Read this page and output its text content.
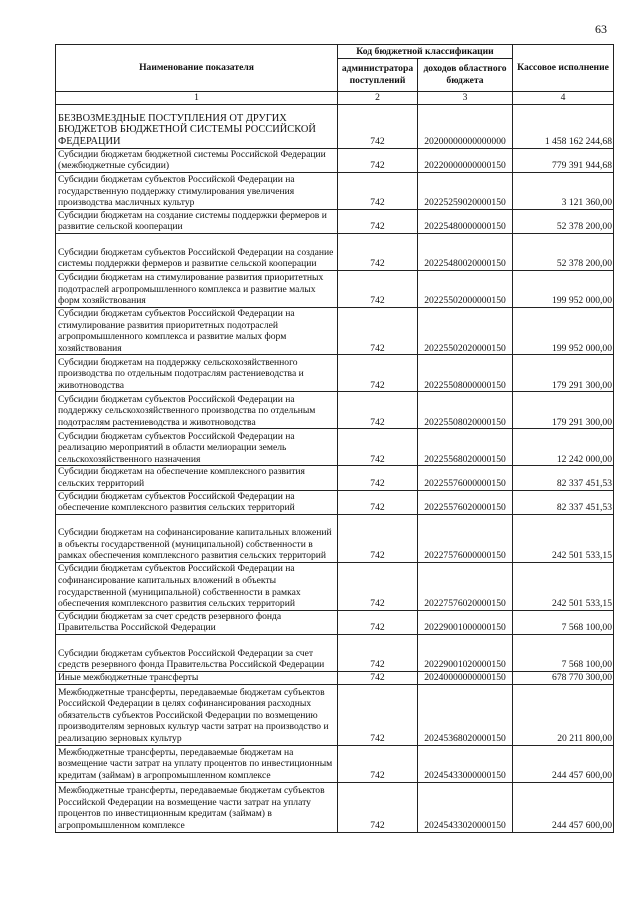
63
Наименование показателя	Код бюджетной классификации		Кассовое исполнение
	администратора поступлений	доходов областного бюджета	
1	2	3	4
БЕЗВОЗМЕЗДНЫЕ ПОСТУПЛЕНИЯ ОТ ДРУГИХ БЮДЖЕТОВ БЮДЖЕТНОЙ СИСТЕМЫ РОССИЙСКОЙ ФЕДЕРАЦИИ	742	20200000000000000	1 458 162 244,68
Субсидии бюджетам бюджетной системы Российской Федерации (межбюджетные субсидии)	742	20220000000000150	779 391 944,68
Субсидии бюджетам субъектов Российской Федерации на государственную поддержку стимулирования увеличения производства масличных культур	742	20225259020000150	3 121 360,00
Субсидии бюджетам на создание системы поддержки фермеров и развитие сельской кооперации	742	20225480000000150	52 378 200,00
Субсидии бюджетам субъектов Российской Федерации на создание системы поддержки фермеров и развитие сельской кооперации	742	20225480020000150	52 378 200,00
Субсидии бюджетам на стимулирование развития приоритетных подотраслей агропромышленного комплекса и развитие малых форм хозяйствования	742	20225502000000150	199 952 000,00
Субсидии бюджетам субъектов Российской Федерации на стимулирование развития приоритетных подотраслей агропромышленного комплекса и развитие малых форм хозяйствования	742	20225502020000150	199 952 000,00
Субсидии бюджетам на поддержку сельскохозяйственного производства по отдельным подотраслям растениеводства и животноводства	742	20225508000000150	179 291 300,00
Субсидии бюджетам субъектов Российской Федерации на поддержку сельскохозяйственного производства по отдельным подотраслям растениеводства и животноводства	742	20225508020000150	179 291 300,00
Субсидии бюджетам субъектов Российской Федерации на реализацию мероприятий в области мелиорации земель сельскохозяйственного назначения	742	20225568020000150	12 242 000,00
Субсидии бюджетам на обеспечение комплексного развития сельских территорий	742	20225576000000150	82 337 451,53
Субсидии бюджетам субъектов Российской Федерации на обеспечение комплексного развития сельских территорий	742	20225576020000150	82 337 451,53
Субсидии бюджетам на софинансирование капитальных вложений в объекты государственной (муниципальной) собственности в рамках обеспечения комплексного развития сельских территорий	742	20227576000000150	242 501 533,15
Субсидии бюджетам субъектов Российской Федерации на софинансирование капитальных вложений в объекты государственной (муниципальной) собственности в рамках обеспечения комплексного развития сельских территорий	742	20227576020000150	242 501 533,15
Субсидии бюджетам за счет средств резервного фонда Правительства Российской Федерации	742	20229001000000150	7 568 100,00
Субсидии бюджетам субъектов Российской Федерации за счет средств резервного фонда Правительства Российской Федерации	742	20229001020000150	7 568 100,00
Иные межбюджетные трансферты	742	20240000000000150	678 770 300,00
Межбюджетные трансферты, передаваемые бюджетам субъектов Российской Федерации в целях софинансирования расходных обязательств субъектов Российской Федерации по возмещению производителям зерновых культур части затрат на производство и реализацию зерновых культур	742	20245368020000150	20 211 800,00
Межбюджетные трансферты, передаваемые бюджетам на возмещение части затрат на уплату процентов по инвестиционным кредитам (займам) в агропромышленном комплексе	742	20245433000000150	244 457 600,00
Межбюджетные трансферты, передаваемые бюджетам субъектов Российской Федерации на возмещение части затрат на уплату процентов по инвестиционным кредитам (займам) в агропромышленном комплексе	742	20245433020000150	244 457 600,00
